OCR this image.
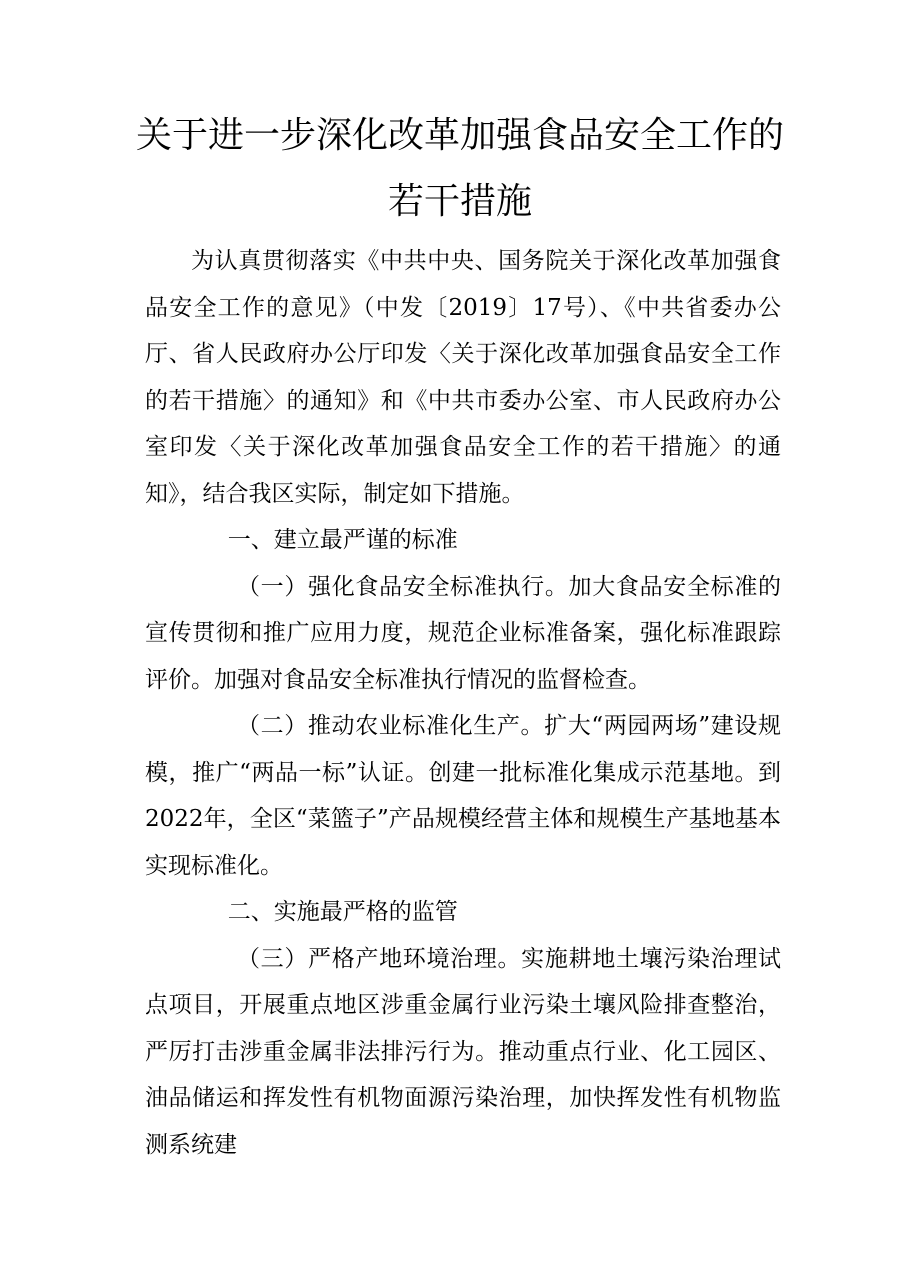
关于进一步深化改革加强食品安全工作的
若干措施

为认真贯彻落实《中共中央、国务院关于深化改革加强食品安全工作的意见》（中发〔2019〕17号）、《中共省委办公厅、省人民政府办公厅印发〈关于深化改革加强食品安全工作的若干措施〉的通知》和《中共市委办公室、市人民政府办公室印发〈关于深化改革加强食品安全工作的若干措施〉的通知》，结合我区实际，制定如下措施。

一、建立最严谨的标准

（一）强化食品安全标准执行。加大食品安全标准的宣传贯彻和推广应用力度，规范企业标准备案，强化标准跟踪评价。加强对食品安全标准执行情况的监督检查。

（二）推动农业标准化生产。扩大“两园两场”建设规模，推广“两品一标”认证。创建一批标准化集成示范基地。到2022年，全区“菜篮子”产品规模经营主体和规模生产基地基本实现标准化。

二、实施最严格的监管

（三）严格产地环境治理。实施耕地土壤污染治理试点项目，开展重点地区涉重金属行业污染土壤风险排查整治，严厉打击涉重金属非法排污行为。推动重点行业、化工园区、油品储运和挥发性有机物面源污染治理，加快挥发性有机物监测系统建
